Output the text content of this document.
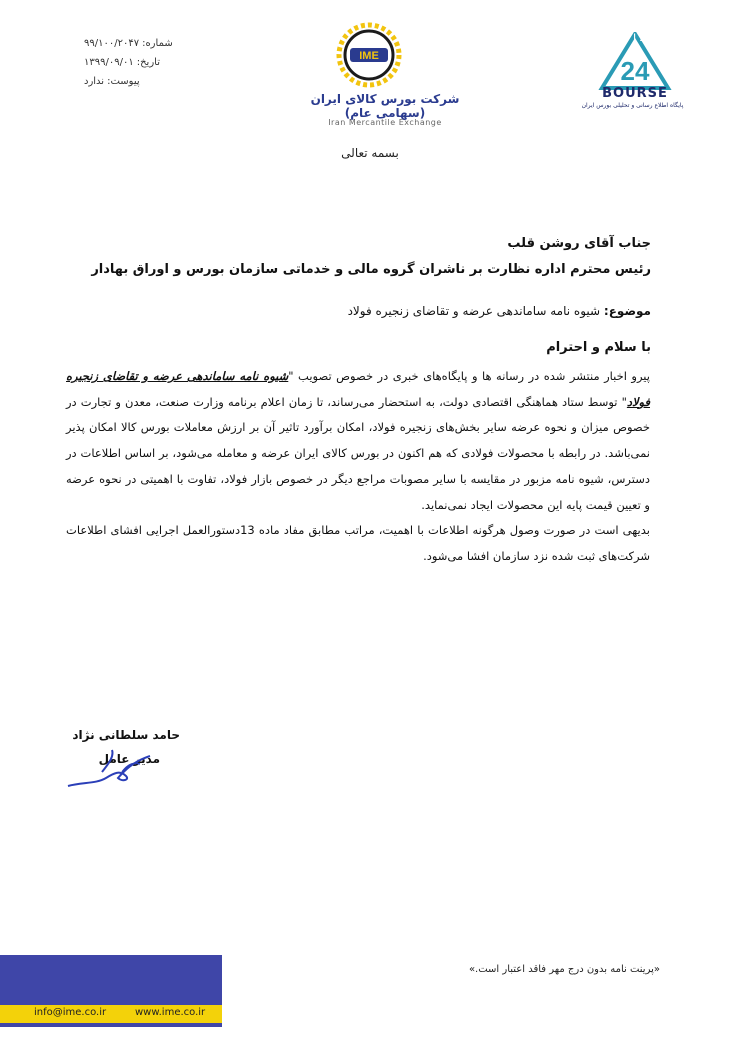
شماره:
۹۹/۱۰۰/۲۰۴۷
تاریخ:
۱۳۹۹/۰۹/۰۱
پیوست:
ندارد
IME
شرکت بورس کالای ایران (سهامی عام)
Iran Mercantile Exchange
24
BOURSE
پایگاه اطلاع رسانی و تحلیلی بورس ایران
بسمه تعالی
جناب آقای روشن قلب
رئیس محترم اداره نظارت بر ناشران گروه مالی و خدماتی سازمان بورس و اوراق بهادار
موضوع: شیوه نامه ساماندهی عرضه و تقاضای زنجیره فولاد
با سلام و احترام

پیرو اخبار منتشر شده در رسانه ها و پایگاه‌های خبری در خصوص تصویب "شیوه نامه ساماندهی عرضه و تقاضای زنجیره فولاد" توسط ستاد هماهنگی اقتصادی دولت، به استحضار می‌رساند، تا زمان اعلام برنامه وزارت صنعت، معدن و تجارت در خصوص میزان و نحوه عرضه سایر بخش‌های زنجیره فولاد، امکان برآورد تاثیر آن بر ارزش معاملات بورس کالا امکان پذیر نمی‌باشد. در رابطه با محصولات فولادی که هم اکنون در بورس کالای ایران عرضه و معامله می‌شود، بر اساس اطلاعات در دسترس، شیوه نامه مزبور در مقایسه با سایر مصوبات مراجع دیگر در خصوص بازار فولاد، تفاوت با اهمیتی در نحوه عرضه و تعیین قیمت پایه این محصولات ایجاد نمی‌نماید.

بدیهی است در صورت وصول هرگونه اطلاعات با اهمیت، مراتب مطابق مفاد ماده 13دستورالعمل اجرایی افشای اطلاعات شرکت‌های ثبت شده نزد سازمان افشا می‌شود.

حامد سلطانی نژاد
مدیر عامل
«پرینت نامه بدون درج مهر فاقد اعتبار است.»
آدرس: تهران، خیابان آیت الله طالقانی،
بعد از تقاطع ولی عصر (عج)، شماره ۳۵۱
تلفن گویا: ۸۵۶۴۰ | نمابر: ۸۸۳۸۳۰۰۰
info@ime.co.ir	www.ime.co.ir
